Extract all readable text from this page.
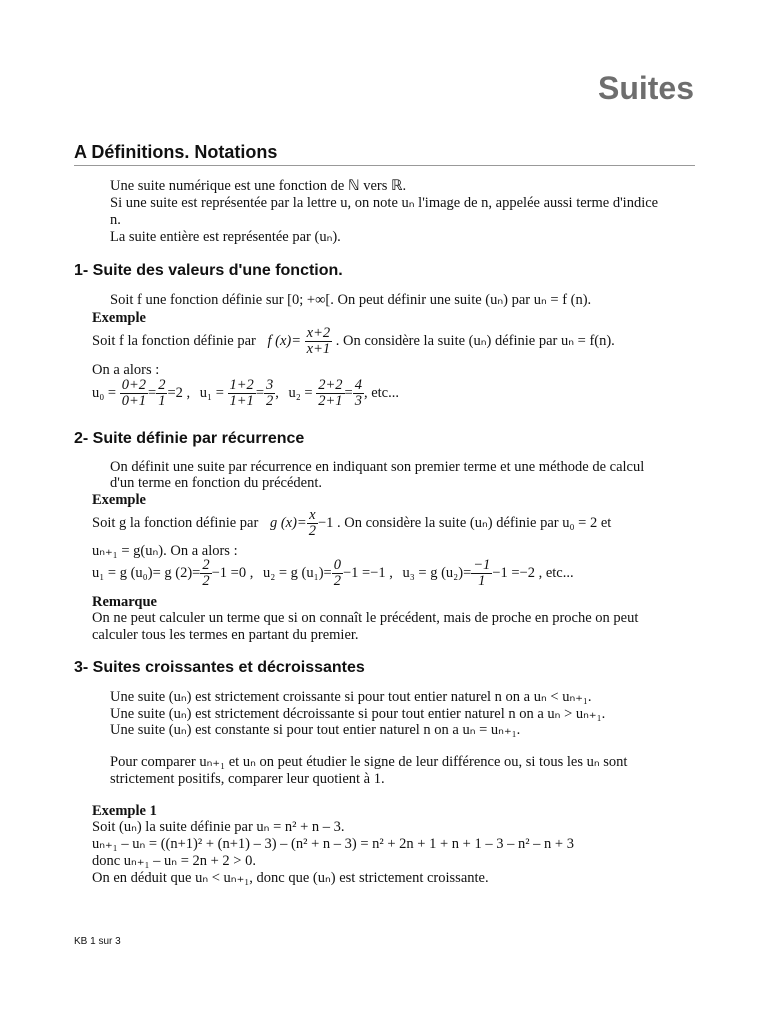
Suites
A Définitions. Notations
Une suite numérique est une fonction de ℕ vers ℝ.
Si une suite est représentée par la lettre u, on note uₙ l'image de n, appelée aussi terme d'indice
n.
La suite entière est représentée par (uₙ).
1- Suite des valeurs d'une fonction.
Soit f une fonction définie sur [0; +∞[. On peut définir une suite (uₙ) par uₙ = f (n).
Exemple
Soit f la fonction définie par f $(x)= \frac{x+2}{x+1}$ . On considère la suite (uₙ) définie par uₙ = f(n).
On a alors :
$u_0 = \frac{0+2}{0+1} = \frac{2}{1} =2$ , $u_1 = \frac{1+2}{1+1} = \frac{3}{2}$ , $u_2 = \frac{2+2}{2+1} = \frac{4}{3}$ , etc...
2- Suite définie par récurrence
On définit une suite par récurrence en indiquant son premier terme et une méthode de calcul
d'un terme en fonction du précédent.
Exemple
Soit g la fonction définie par g $(x)= \frac{x}{2} -1$ . On considère la suite (uₙ) définie par u₀ = 2 et
uₙ₊₁ = g(uₙ). On a alors :
u₁ = g (u₀)= g $(2)= \frac{2}{2} -1 =0$ , u₂ = g $(u_1)= \frac{0}{2} -1 =-1$ , u₃ = g $(u_2)= \frac{-1}{1} -1 =-2$ , etc...
Remarque
On ne peut calculer un terme que si on connaît le précédent, mais de proche en proche on peut
calculer tous les termes en partant du premier.
3- Suites croissantes et décroissantes
Une suite (uₙ) est strictement croissante si pour tout entier naturel n on a uₙ < uₙ₊₁.
Une suite (uₙ) est strictement décroissante si pour tout entier naturel n on a uₙ > uₙ₊₁.
Une suite (uₙ) est constante si pour tout entier naturel n on a uₙ = uₙ₊₁.
Pour comparer uₙ₊₁ et uₙ on peut étudier le signe de leur différence ou, si tous les uₙ sont
strictement positifs, comparer leur quotient à 1.
Exemple 1
Soit (uₙ) la suite définie par uₙ = n² + n – 3.
uₙ₊₁ – uₙ = ((n+1)² + (n+1) – 3) – (n² + n – 3) = n² + 2n + 1 + n + 1 – 3 – n² – n + 3
donc uₙ₊₁ – uₙ = 2n + 2 > 0.
On en déduit que uₙ < uₙ₊₁, donc que (uₙ) est strictement croissante.
KB 1 sur 3
